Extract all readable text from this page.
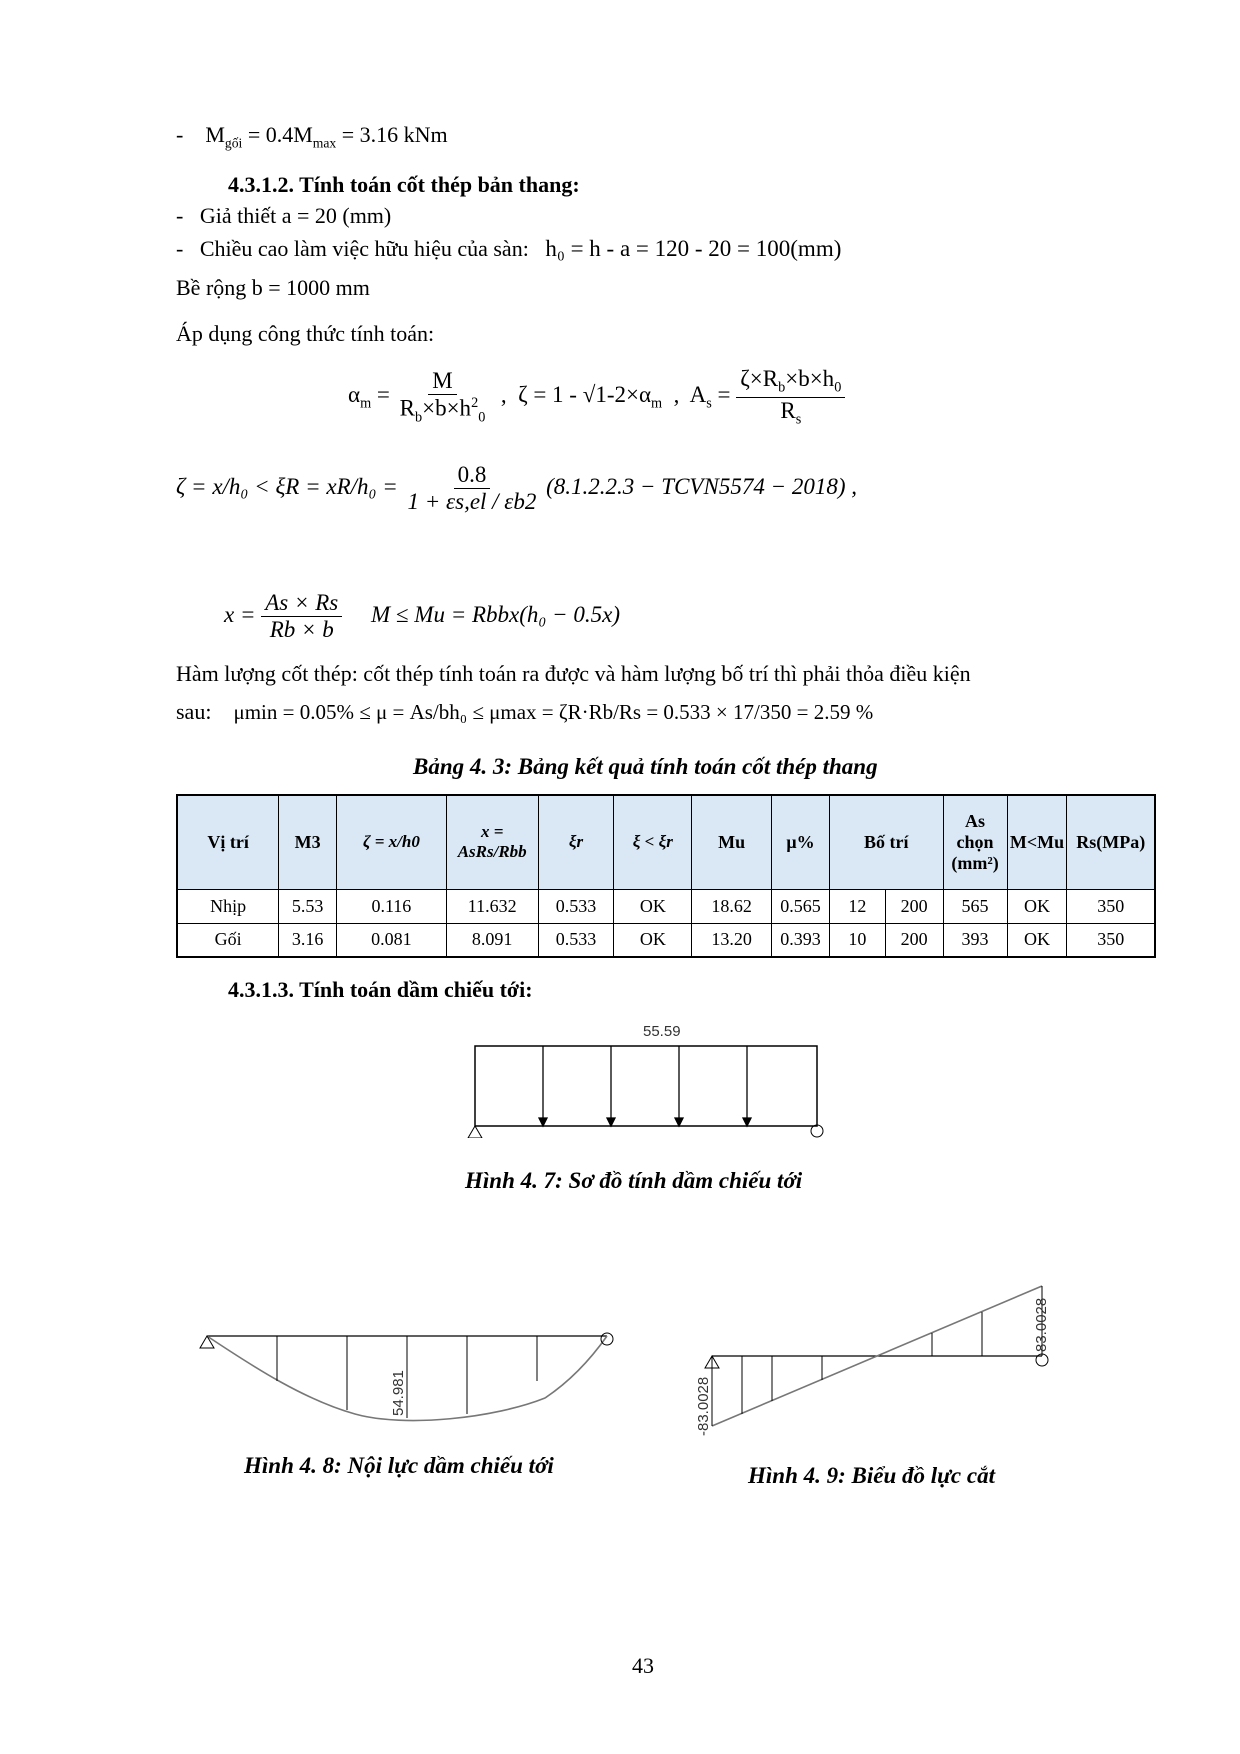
- $M_{gối} = 0.4M_{max} = 3.16$ kNm
4.3.1.2. Tính toán cốt thép bản thang:
- Giả thiết a = 20 (mm)
- Chiều cao làm việc hữu hiệu của sàn: h₀ = h - a = 120 - 20 = 100(mm)
Bề rộng b = 1000 mm
Áp dụng công thức tính toán:
$\alpha_m = \frac{M}{R_b\times b\times h^2_0}$ ,  $\zeta = 1 - √1-2\times\alpha_m$  ,  $A_s = \frac{\zeta\times R_b\times b\times h_0}{R_s}$
$\zeta = x/h_0 < \xi R = xR/h_0 = \frac{0.8}{1 + \varepsilon s,el / \varepsilon b2} (8.1.2.2.3$ − TCVN5574 − 2018) ,
$x = \frac{As \times Rs}{Rb \times b}$ M ≤ Mu = Rbbx(h₀ − 0.5x)
Hàm lượng cốt thép: cốt thép tính toán ra được và hàm lượng bố trí thì phải thỏa điều kiện
sau: μmin = 0.05% ≤ μ = As/bh₀ ≤ μmax = ζR·Rb/Rs = 0.533 × 17/350 = 2.59 %
Bảng 4. 3: Bảng kết quả tính toán cốt thép thang
Vị trí	M3	ζ = x/h0	x = AsRs/Rbb	ξr	ξ < ξr	Mu	μ%	Bố trí		As
chọn
(mm²)	M<Mu	Rs(MPa)
Nhịp	5.53	0.116	11.632	0.533	OK	18.62	0.565	12	200	565	OK	350
Gối	3.16	0.081	8.091	0.533	OK	13.20	0.393	10	200	393	OK	350
4.3.1.3. Tính toán dầm chiếu tới:
55.59
Hình 4. 7: Sơ đồ tính dầm chiếu tới
54.981
Hình 4. 8: Nội lực dầm chiếu tới
-83.0028
83.0028
Hình 4. 9: Biểu đồ lực cắt
43
